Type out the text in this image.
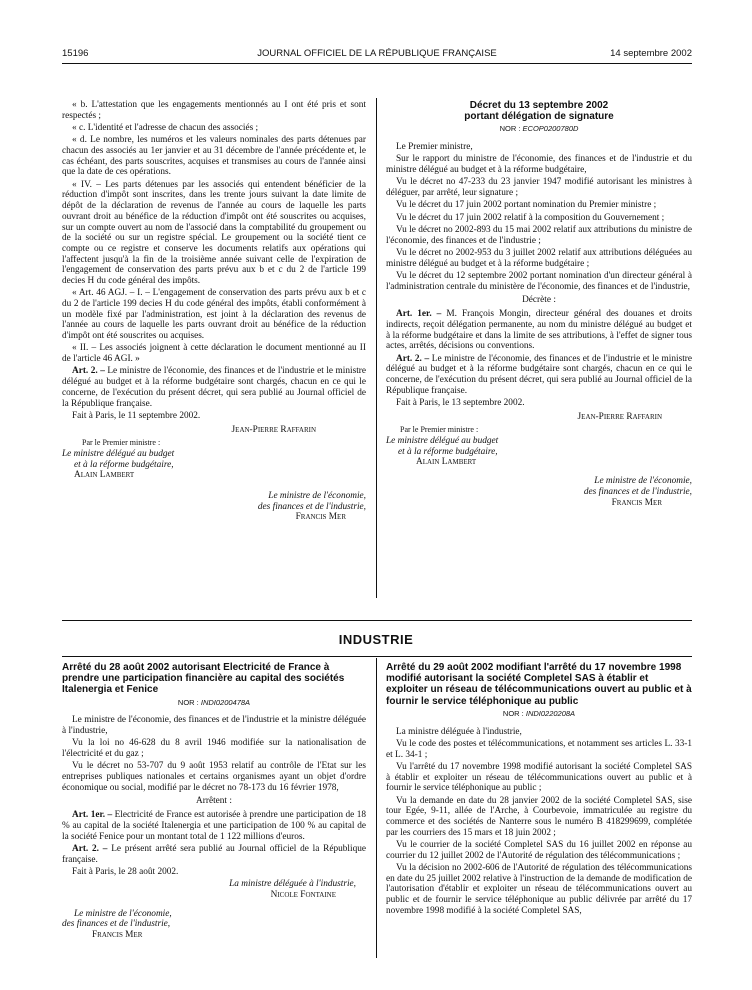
15196	JOURNAL OFFICIEL DE LA RÉPUBLIQUE FRANÇAISE	14 septembre 2002

« b. L'attestation que les engagements mentionnés au I ont été pris et sont respectés ;

« c. L'identité et l'adresse de chacun des associés ;

« d. Le nombre, les numéros et les valeurs nominales des parts détenues par chacun des associés au 1er janvier et au 31 décembre de l'année précédente et, le cas échéant, des parts souscrites, acquises et transmises au cours de l'année ainsi que la date de ces opérations.

« IV. – Les parts détenues par les associés qui entendent bénéficier de la réduction d'impôt sont inscrites, dans les trente jours suivant la date limite de dépôt de la déclaration de revenus de l'année au cours de laquelle les parts ouvrant droit au bénéfice de la réduction d'impôt ont été souscrites ou acquises, sur un compte ouvert au nom de l'associé dans la comptabilité du groupement ou de la société ou sur un registre spécial. Le groupement ou la société tient ce compte ou ce registre et conserve les documents relatifs aux opérations qui l'affectent jusqu'à la fin de la troisième année suivant celle de l'expiration de l'engagement de conservation des parts prévu aux b et c du 2 de l'article 199 decies H du code général des impôts.

« Art. 46 AGJ. – I. – L'engagement de conservation des parts prévu aux b et c du 2 de l'article 199 decies H du code général des impôts, établi conformément à un modèle fixé par l'administration, est joint à la déclaration des revenus de l'année au cours de laquelle les parts ouvrant droit au bénéfice de la réduction d'impôt ont été souscrites ou acquises.

« II. – Les associés joignent à cette déclaration le document mentionné au II de l'article 46 AGI. »

Art. 2. – Le ministre de l'économie, des finances et de l'industrie et le ministre délégué au budget et à la réforme budgétaire sont chargés, chacun en ce qui le concerne, de l'exécution du présent décret, qui sera publié au Journal officiel de la République française.

Fait à Paris, le 11 septembre 2002.

Jean-Pierre Raffarin
Par le Premier ministre :
Le ministre délégué au budget
et à la réforme budgétaire,
Alain Lambert
Le ministre de l'économie,
des finances et de l'industrie,
Francis Mer
Décret du 13 septembre 2002
portant délégation de signature
NOR : ECOP0200780D

Le Premier ministre,

Sur le rapport du ministre de l'économie, des finances et de l'industrie et du ministre délégué au budget et à la réforme budgétaire,

Vu le décret no 47-233 du 23 janvier 1947 modifié autorisant les ministres à déléguer, par arrêté, leur signature ;

Vu le décret du 17 juin 2002 portant nomination du Premier ministre ;

Vu le décret du 17 juin 2002 relatif à la composition du Gouvernement ;

Vu le décret no 2002-893 du 15 mai 2002 relatif aux attributions du ministre de l'économie, des finances et de l'industrie ;

Vu le décret no 2002-953 du 3 juillet 2002 relatif aux attributions déléguées au ministre délégué au budget et à la réforme budgétaire ;

Vu le décret du 12 septembre 2002 portant nomination d'un directeur général à l'administration centrale du ministère de l'économie, des finances et de l'industrie,

Décrète :

Art. 1er. – M. François Mongin, directeur général des douanes et droits indirects, reçoit délégation permanente, au nom du ministre délégué au budget et à la réforme budgétaire et dans la limite de ses attributions, à l'effet de signer tous actes, arrêtés, décisions ou conventions.

Art. 2. – Le ministre de l'économie, des finances et de l'industrie et le ministre délégué au budget et à la réforme budgétaire sont chargés, chacun en ce qui le concerne, de l'exécution du présent décret, qui sera publié au Journal officiel de la République française.

Fait à Paris, le 13 septembre 2002.

Jean-Pierre Raffarin
Par le Premier ministre :
Le ministre délégué au budget
et à la réforme budgétaire,
Alain Lambert
Le ministre de l'économie,
des finances et de l'industrie,
Francis Mer
INDUSTRIE
Arrêté du 28 août 2002 autorisant Electricité de France à prendre une participation financière au capital des sociétés Italenergia et Fenice
NOR : INDI0200478A

Le ministre de l'économie, des finances et de l'industrie et la ministre déléguée à l'industrie,

Vu la loi no 46-628 du 8 avril 1946 modifiée sur la nationalisation de l'électricité et du gaz ;

Vu le décret no 53-707 du 9 août 1953 relatif au contrôle de l'Etat sur les entreprises publiques nationales et certains organismes ayant un objet d'ordre économique ou social, modifié par le décret no 78-173 du 16 février 1978,

Arrêtent :

Art. 1er. – Electricité de France est autorisée à prendre une participation de 18 % au capital de la société Italenergia et une participation de 100 % au capital de la société Fenice pour un montant total de 1 122 millions d'euros.

Art. 2. – Le présent arrêté sera publié au Journal officiel de la République française.

Fait à Paris, le 28 août 2002.

La ministre déléguée à l'industrie,
Nicole Fontaine
Le ministre de l'économie,
des finances et de l'industrie,
Francis Mer
Arrêté du 29 août 2002 modifiant l'arrêté du 17 novembre 1998 modifié autorisant la société Completel SAS à établir et exploiter un réseau de télécommunications ouvert au public et à fournir le service téléphonique au public
NOR : INDI0220208A

La ministre déléguée à l'industrie,

Vu le code des postes et télécommunications, et notamment ses articles L. 33-1 et L. 34-1 ;

Vu l'arrêté du 17 novembre 1998 modifié autorisant la société Completel SAS à établir et exploiter un réseau de télécommunications ouvert au public et à fournir le service téléphonique au public ;

Vu la demande en date du 28 janvier 2002 de la société Completel SAS, sise tour Egée, 9-11, allée de l'Arche, à Courbevoie, immatriculée au registre du commerce et des sociétés de Nanterre sous le numéro B 418299699, complétée par les courriers des 15 mars et 18 juin 2002 ;

Vu le courrier de la société Completel SAS du 16 juillet 2002 en réponse au courrier du 12 juillet 2002 de l'Autorité de régulation des télécommunications ;

Vu la décision no 2002-606 de l'Autorité de régulation des télécommunications en date du 25 juillet 2002 relative à l'instruction de la demande de modification de l'autorisation d'établir et exploiter un réseau de télécommunications ouvert au public et de fournir le service téléphonique au public délivrée par arrêté du 17 novembre 1998 modifié à la société Completel SAS,
